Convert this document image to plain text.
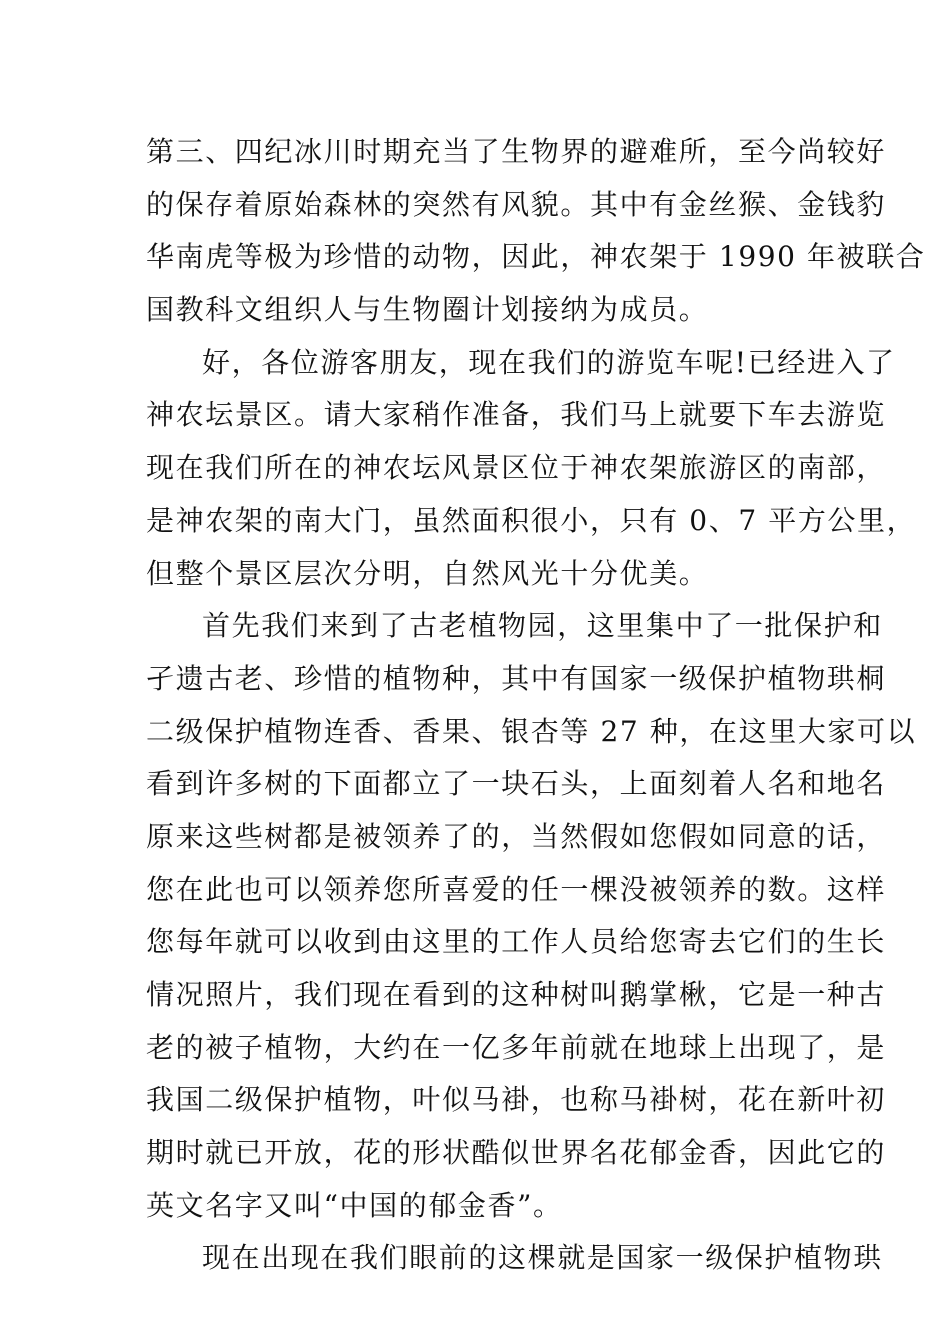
第三、四纪冰川时期充当了生物界的避难所，至今尚较好
的保存着原始森林的突然有风貌。其中有金丝猴、金钱豹
华南虎等极为珍惜的动物，因此，神农架于 1990 年被联合
国教科文组织人与生物圈计划接纳为成员。
好，各位游客朋友，现在我们的游览车呢!已经进入了
神农坛景区。请大家稍作准备，我们马上就要下车去游览
现在我们所在的神农坛风景区位于神农架旅游区的南部，
是神农架的南大门，虽然面积很小，只有 0、7 平方公里，
但整个景区层次分明，自然风光十分优美。
首先我们来到了古老植物园，这里集中了一批保护和
孑遗古老、珍惜的植物种，其中有国家一级保护植物珙桐
二级保护植物连香、香果、银杏等 27 种，在这里大家可以
看到许多树的下面都立了一块石头，上面刻着人名和地名
原来这些树都是被领养了的，当然假如您假如同意的话，
您在此也可以领养您所喜爱的任一棵没被领养的数。这样
您每年就可以收到由这里的工作人员给您寄去它们的生长
情况照片，我们现在看到的这种树叫鹅掌楸，它是一种古
老的被子植物，大约在一亿多年前就在地球上出现了，是
我国二级保护植物，叶似马褂，也称马褂树，花在新叶初
期时就已开放，花的形状酷似世界名花郁金香，因此它的
英文名字又叫“中国的郁金香”。
现在出现在我们眼前的这棵就是国家一级保护植物珙
